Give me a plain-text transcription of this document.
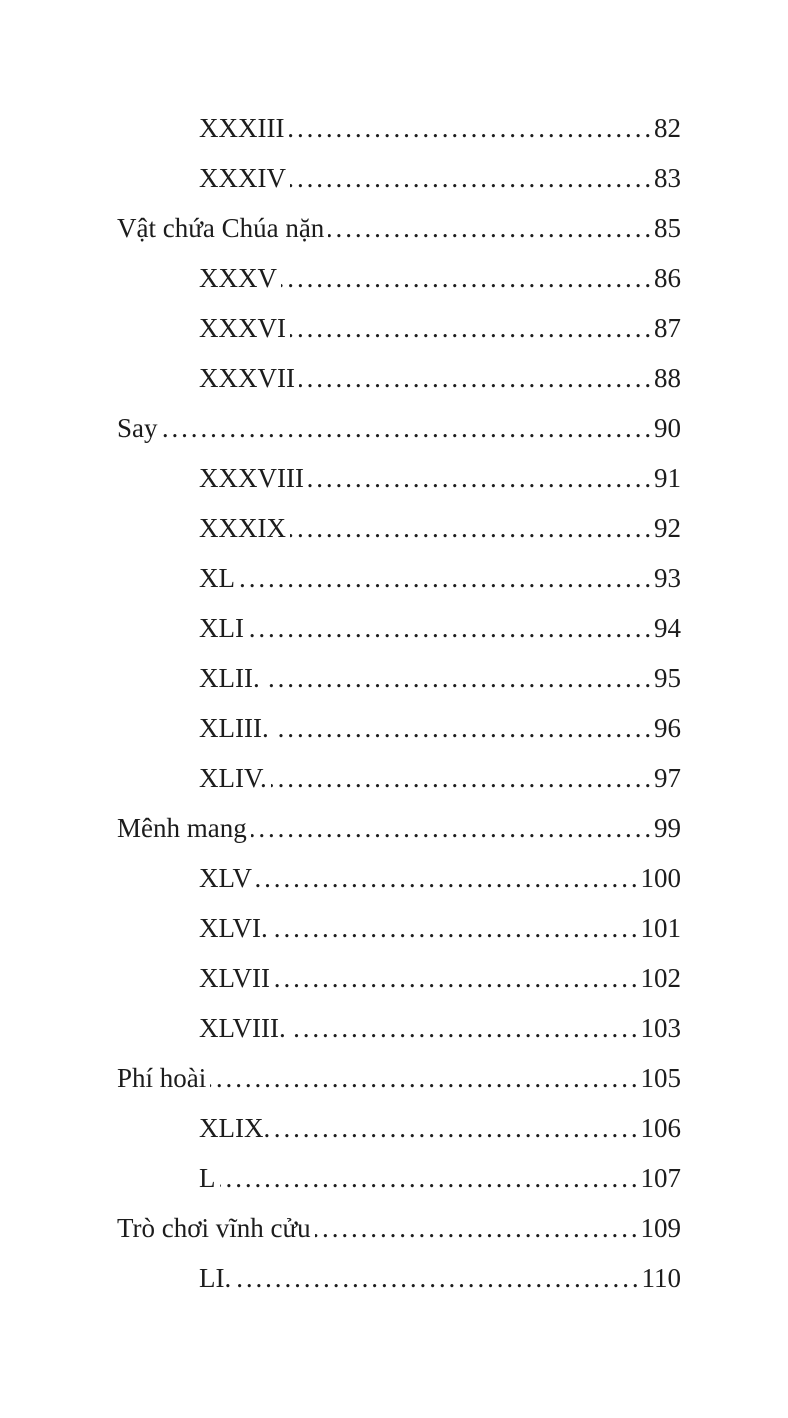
XXXIII .....	82
XXXIV .....	83
Vật chứa Chúa nặn .....	85
XXXV .....	86
XXXVI .....	87
XXXVII .....	88
Say .....	90
XXXVIII .....	91
XXXIX .....	92
XL .....	93
XLI .....	94
XLII. .....	95
XLIII. .....	96
XLIV. .....	97
Mênh mang .....	99
XLV .....	100
XLVI. .....	101
XLVII .....	102
XLVIII. .....	103
Phí hoài .....	105
XLIX. .....	106
L .....	107
Trò chơi vĩnh cửu .....	109
LI. .....	110
